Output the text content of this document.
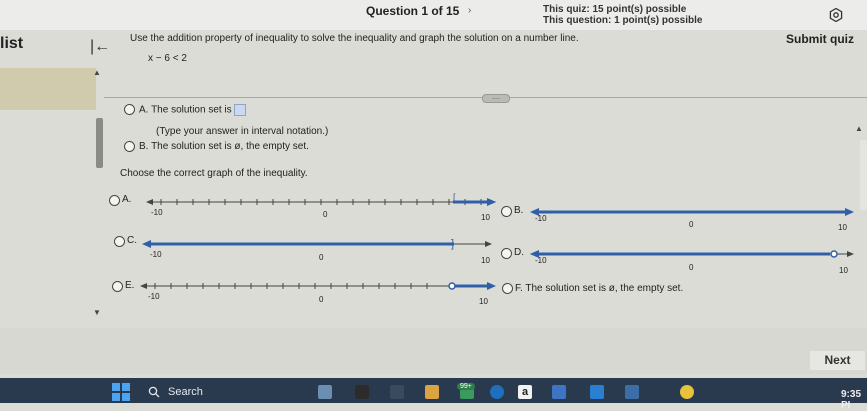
Question 1 of 15 ›	This quiz: 15 point(s) possible
This question: 1 point(s) possible
Submit quiz
list	|←
▲
▼
Use the addition property of inequality to solve the inequality and graph the solution on a number line.
x − 6 < 2
....
▲
A. The solution set is
(Type your answer in interval notation.)
B. The solution set is ø, the empty set.
Choose the correct graph of the inequality.
A.	[
-10	0	10
B.
-10
0	10
C.	]
-10	0	10
D.
-10
0	10
E.
-10	0	10
F. The solution set is ø, the empty set.
Next
Search	99+	a	9:35 PI
